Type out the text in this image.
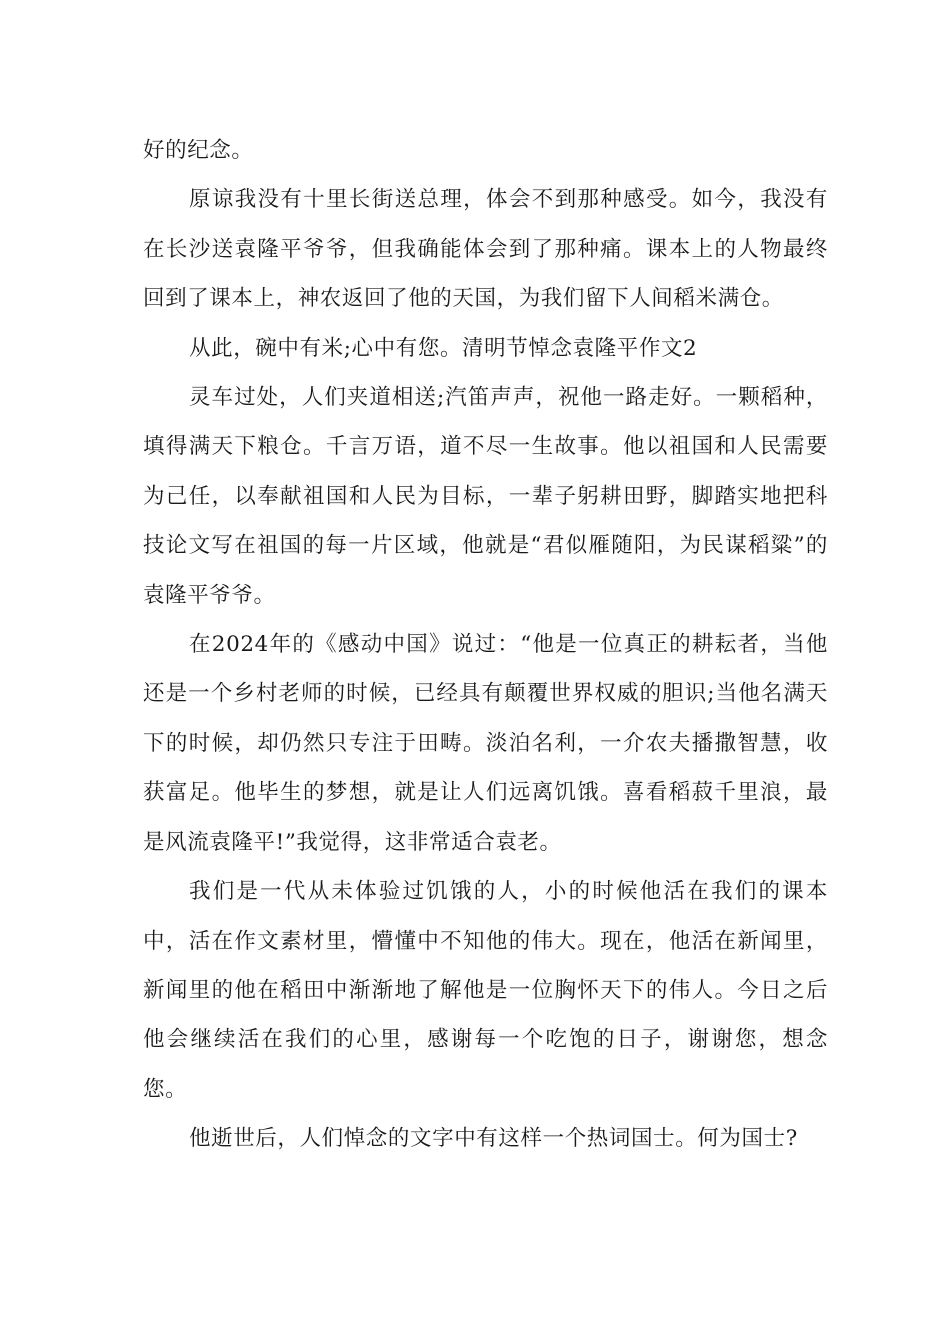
好的纪念。

原谅我没有十里长街送总理，体会不到那种感受。如今，我没有在长沙送袁隆平爷爷，但我确能体会到了那种痛。课本上的人物最终回到了课本上，神农返回了他的天国，为我们留下人间稻米满仓。

从此，碗中有米;心中有您。清明节悼念袁隆平作文2

灵车过处，人们夹道相送;汽笛声声，祝他一路走好。一颗稻种，填得满天下粮仓。千言万语，道不尽一生故事。他以祖国和人民需要为己任，以奉献祖国和人民为目标，一辈子躬耕田野，脚踏实地把科技论文写在祖国的每一片区域，他就是“君似雁随阳，为民谋稻粱”的袁隆平爷爷。

在2024年的《感动中国》说过：“他是一位真正的耕耘者，当他还是一个乡村老师的时候，已经具有颠覆世界权威的胆识;当他名满天下的时候，却仍然只专注于田畴。淡泊名利，一介农夫播撒智慧，收获富足。他毕生的梦想，就是让人们远离饥饿。喜看稻菽千里浪，最是风流袁隆平!”我觉得，这非常适合袁老。

我们是一代从未体验过饥饿的人，小的时候他活在我们的课本中，活在作文素材里，懵懂中不知他的伟大。现在，他活在新闻里，新闻里的他在稻田中渐渐地了解他是一位胸怀天下的伟人。今日之后他会继续活在我们的心里，感谢每一个吃饱的日子，谢谢您，想念您。

他逝世后，人们悼念的文字中有这样一个热词国士。何为国士?
